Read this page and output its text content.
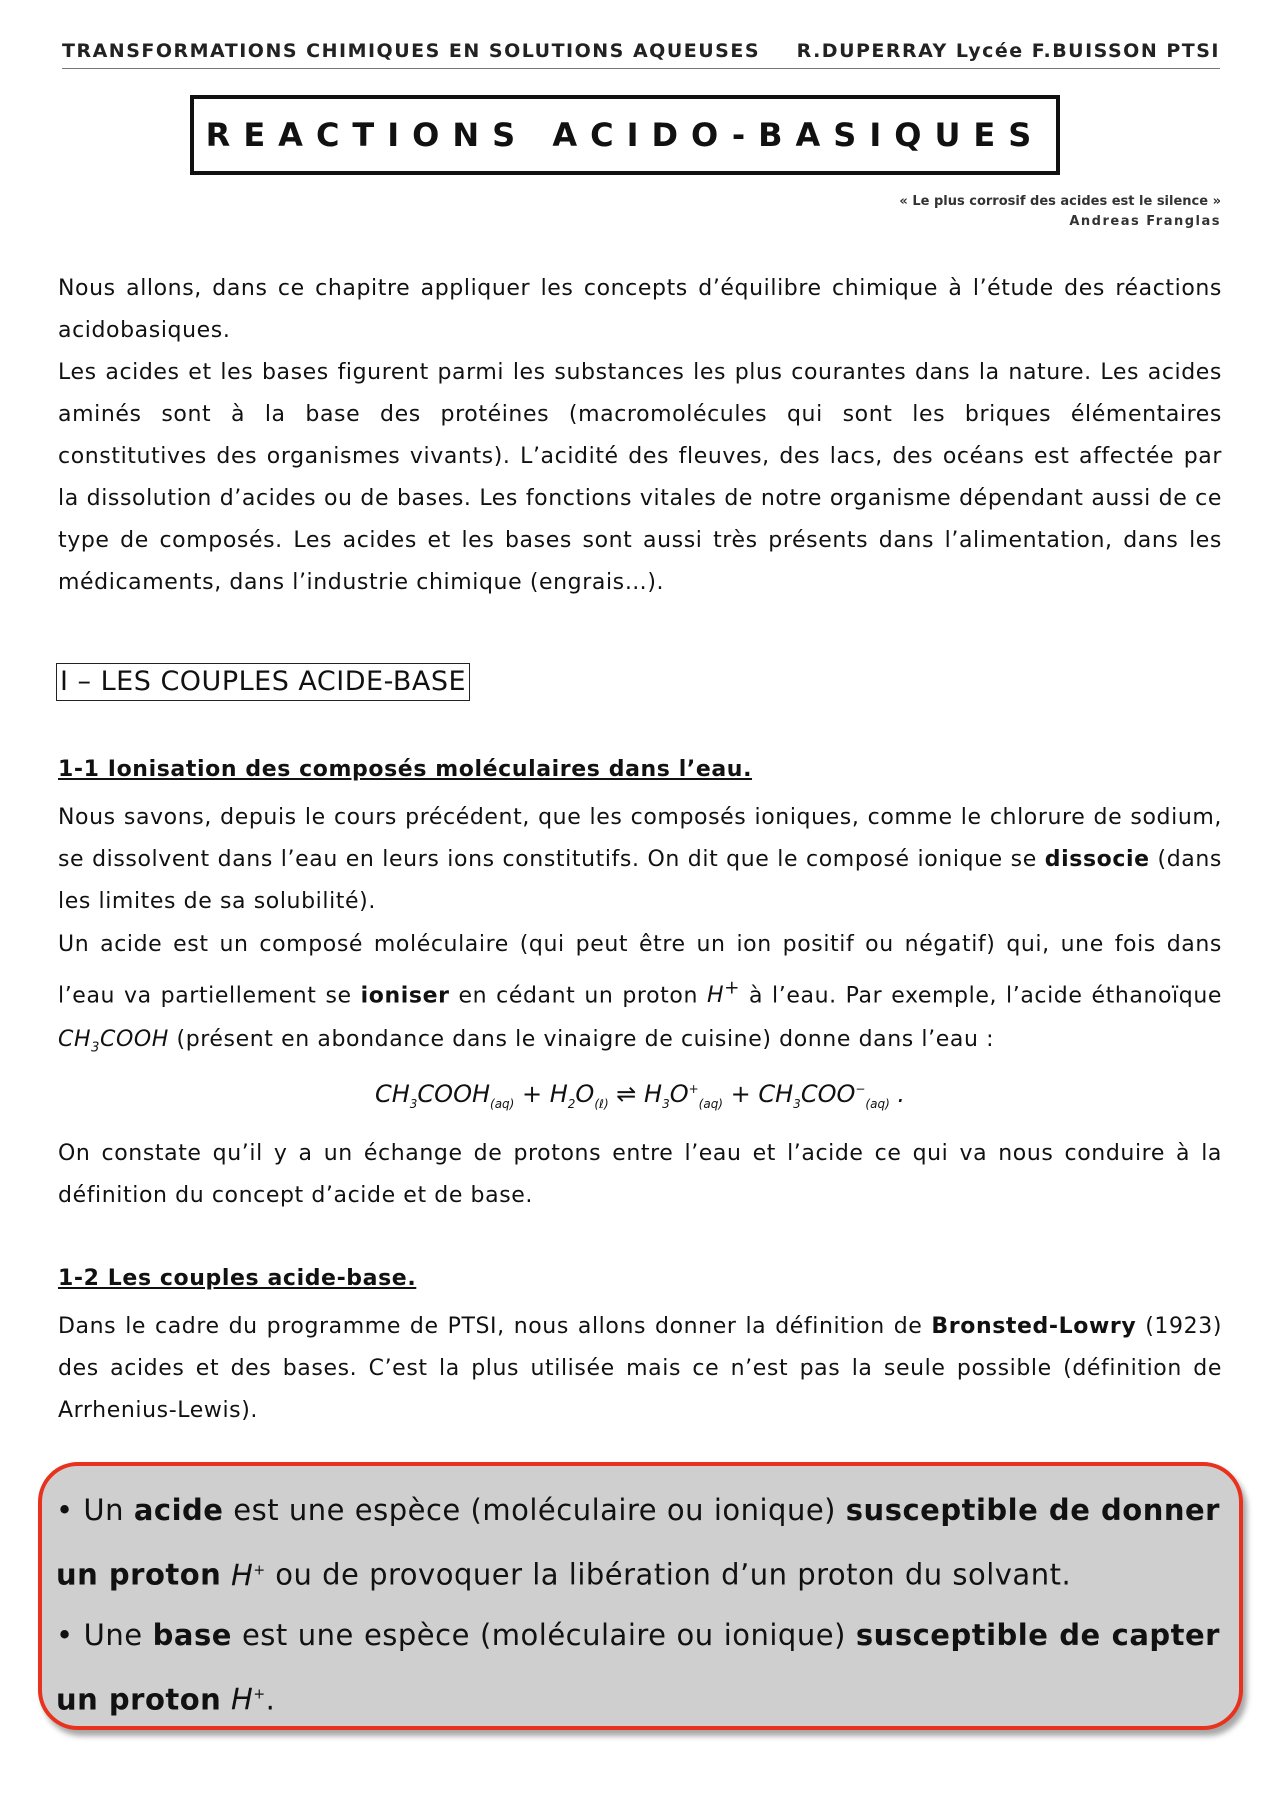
TRANSFORMATIONS CHIMIQUES EN SOLUTIONS AQUEUSES R.DUPERRAY Lycée F.BUISSON PTSI
REACTIONS ACIDO-BASIQUES
« Le plus corrosif des acides est le silence »
Andreas Franglas

Nous allons, dans ce chapitre appliquer les concepts d’équilibre chimique à l’étude des réactions acidobasiques.

Les acides et les bases figurent parmi les substances les plus courantes dans la nature. Les acides aminés sont à la base des protéines (macromolécules qui sont les briques élémentaires constitutives des organismes vivants). L’acidité des fleuves, des lacs, des océans est affectée par la dissolution d’acides ou de bases. Les fonctions vitales de notre organisme dépendant aussi de ce type de composés. Les acides et les bases sont aussi très présents dans l’alimentation, dans les médicaments, dans l’industrie chimique (engrais…).

I – LES COUPLES ACIDE-BASE
1-1 Ionisation des composés moléculaires dans l’eau.

Nous savons, depuis le cours précédent, que les composés ioniques, comme le chlorure de sodium, se dissolvent dans l’eau en leurs ions constitutifs. On dit que le composé ionique se dissocie (dans les limites de sa solubilité).

Un acide est un composé moléculaire (qui peut être un ion positif ou négatif) qui, une fois dans l’eau va partiellement se ioniser en cédant un proton H+ à l’eau. Par exemple, l’acide éthanoïque $CH_3COOH$ (présent en abondance dans le vinaigre de cuisine) donne dans l’eau :

$CH_3COOH_{(aq)} + H_2O_{(\ell)}$ ⇌ $H_3O^+_{(aq)} + CH_3COO^-_{(aq)}$ .

On constate qu’il y a un échange de protons entre l’eau et l’acide ce qui va nous conduire à la définition du concept d’acide et de base.

1-2 Les couples acide-base.

Dans le cadre du programme de PTSI, nous allons donner la définition de Bronsted-Lowry (1923) des acides et des bases. C’est la plus utilisée mais ce n’est pas la seule possible (définition de Arrhenius-Lewis).

• Un acide est une espèce (moléculaire ou ionique) susceptible de donner un proton H+ ou de provoquer la libération d’un proton du solvant.

• Une base est une espèce (moléculaire ou ionique) susceptible de capter un proton H+.
